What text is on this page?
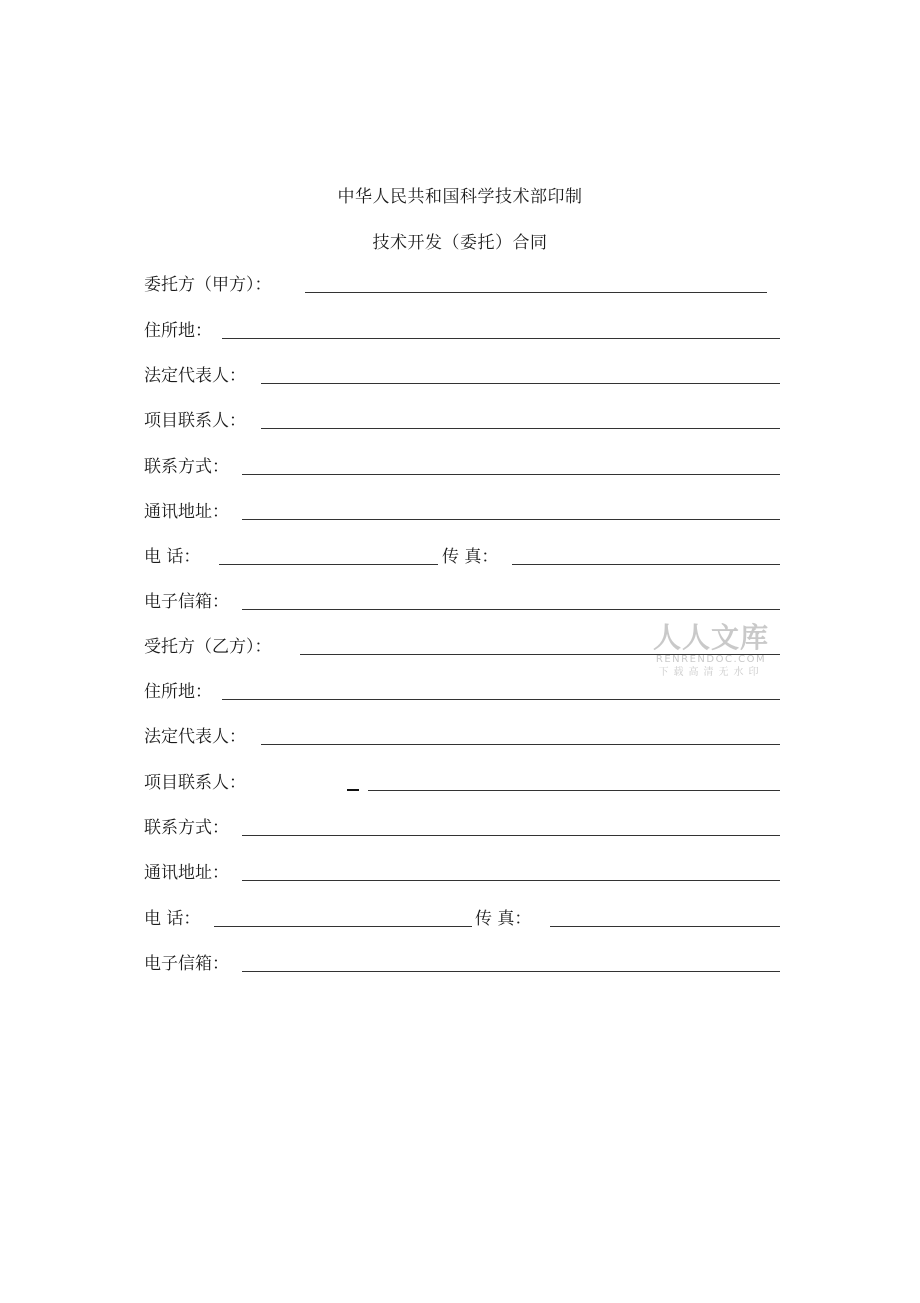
中华人民共和国科学技术部印制
技术开发（委托）合同
委托方（甲方）：
住所地：
法定代表人：
项目联系人：
联系方式：
通讯地址：
电 话：	传 真：
电子信箱：
受托方（乙方）：
住所地：
法定代表人：
项目联系人：
联系方式：
通讯地址：
电 话：	传 真：
电子信箱：
人人文库
RENRENDOC.COM
下载高清无水印
